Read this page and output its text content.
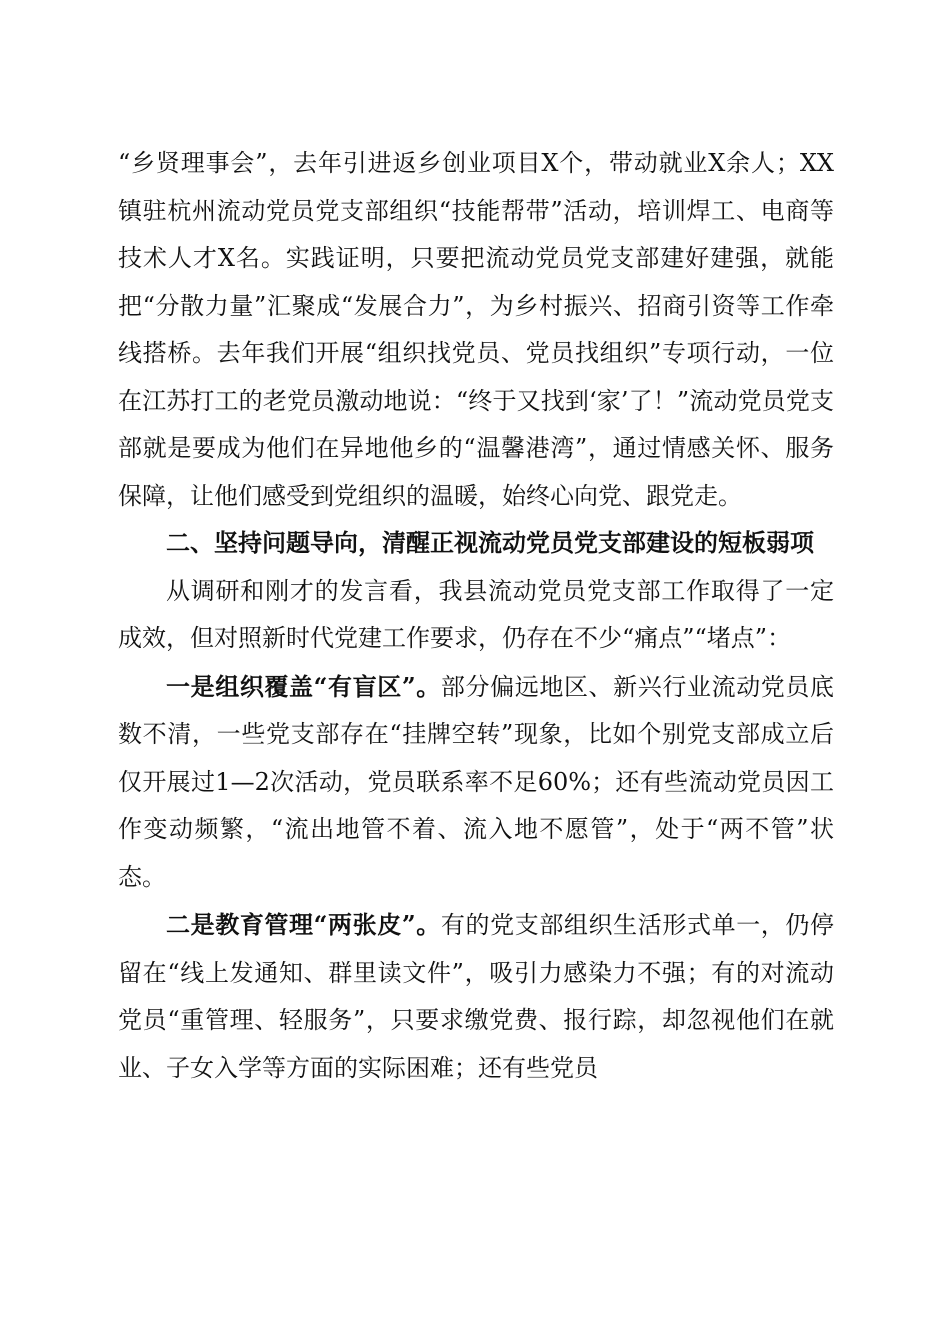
“乡贤理事会”，去年引进返乡创业项目X个，带动就业X余人；XX镇驻杭州流动党员党支部组织“技能帮带”活动，培训焊工、电商等技术人才X名。实践证明，只要把流动党员党支部建好建强，就能把“分散力量”汇聚成“发展合力”，为乡村振兴、招商引资等工作牵线搭桥。去年我们开展“组织找党员、党员找组织”专项行动，一位在江苏打工的老党员激动地说：“终于又找到‘家’了！”流动党员党支部就是要成为他们在异地他乡的“温馨港湾”，通过情感关怀、服务保障，让他们感受到党组织的温暖，始终心向党、跟党走。

二、坚持问题导向，清醒正视流动党员党支部建设的短板弱项

从调研和刚才的发言看，我县流动党员党支部工作取得了一定成效，但对照新时代党建工作要求，仍存在不少“痛点”“堵点”：

一是组织覆盖“有盲区”。部分偏远地区、新兴行业流动党员底数不清，一些党支部存在“挂牌空转”现象，比如个别党支部成立后仅开展过1—2次活动，党员联系率不足60%；还有些流动党员因工作变动频繁，“流出地管不着、流入地不愿管”，处于“两不管”状态。

二是教育管理“两张皮”。有的党支部组织生活形式单一，仍停留在“线上发通知、群里读文件”，吸引力感染力不强；有的对流动党员“重管理、轻服务”，只要求缴党费、报行踪，却忽视他们在就业、子女入学等方面的实际困难；还有些党员
